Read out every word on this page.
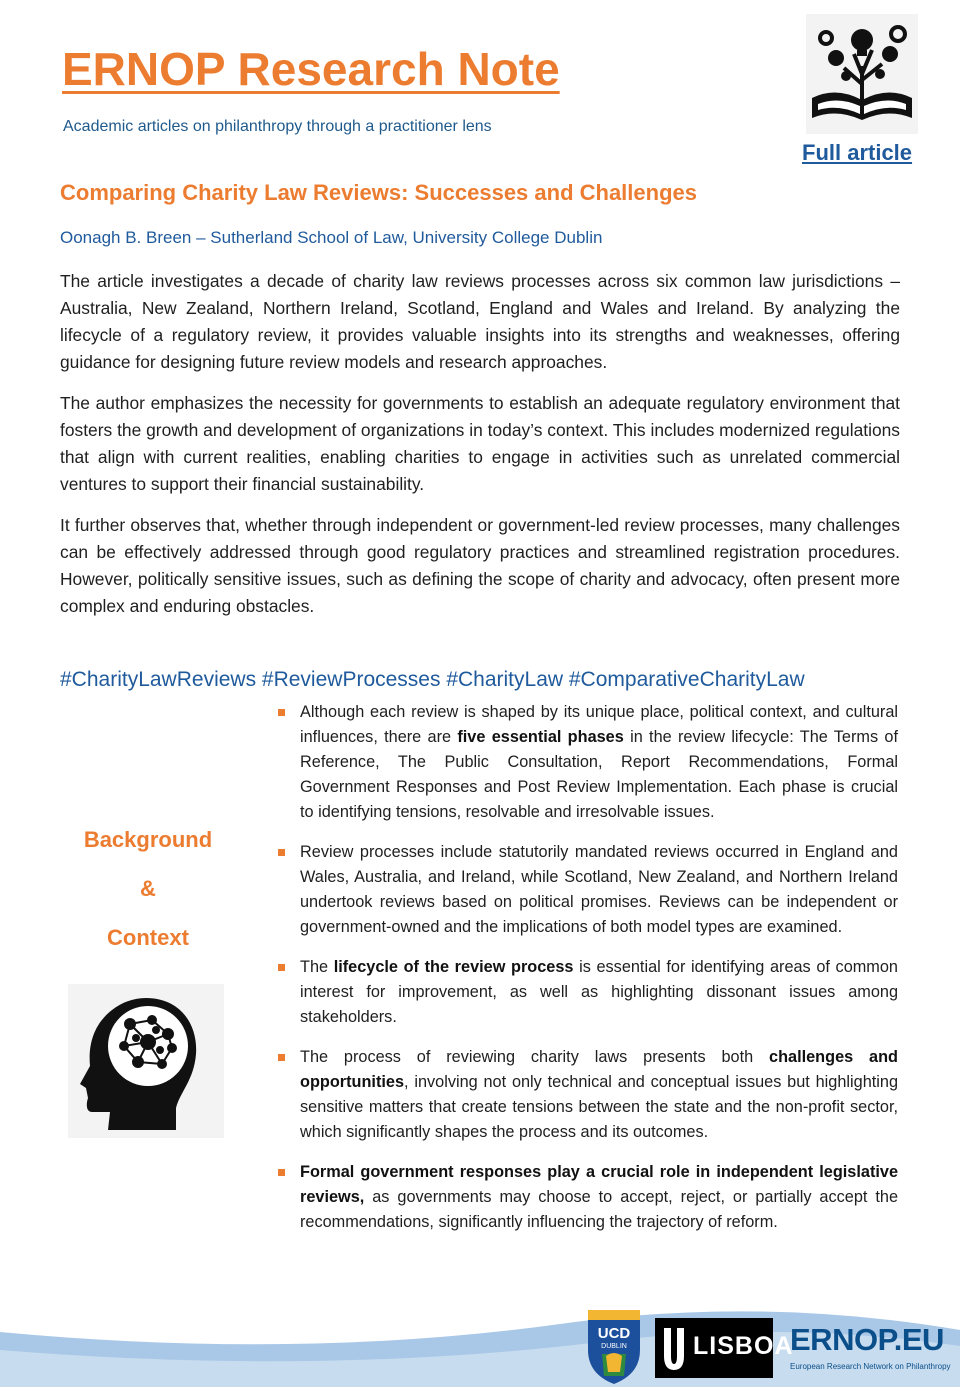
ERNOP Research Note
Academic articles on philanthropy through a practitioner lens
Full article
Comparing Charity Law Reviews: Successes and Challenges
Oonagh B. Breen – Sutherland School of Law, University College Dublin

The article investigates a decade of charity law reviews processes across six common law jurisdictions – Australia, New Zealand, Northern Ireland, Scotland, England and Wales and Ireland. By analyzing the lifecycle of a regulatory review, it provides valuable insights into its strengths and weaknesses, offering guidance for designing future review models and research approaches.

The author emphasizes the necessity for governments to establish an adequate regulatory environment that fosters the growth and development of organizations in today’s context. This includes modernized regulations that align with current realities, enabling charities to engage in activities such as unrelated commercial ventures to support their financial sustainability.

It further observes that, whether through independent or government-led review processes, many challenges can be effectively addressed through good regulatory practices and streamlined registration procedures. However, politically sensitive issues, such as defining the scope of charity and advocacy, often present more complex and enduring obstacles.

#CharityLawReviews #ReviewProcesses #CharityLaw #ComparativeCharityLaw
Background
&
Context
Although each review is shaped by its unique place, political context, and cultural influences, there are five essential phases in the review lifecycle: The Terms of Reference, The Public Consultation, Report Recommendations, Formal Government Responses and Post Review Implementation. Each phase is crucial to identifying tensions, resolvable and irresolvable issues.
Review processes include statutorily mandated reviews occurred in England and Wales, Australia, and Ireland, while Scotland, New Zealand, and Northern Ireland undertook reviews based on political promises. Reviews can be independent or government-owned and the implications of both model types are examined.
The lifecycle of the review process is essential for identifying areas of common interest for improvement, as well as highlighting dissonant issues among stakeholders.
The process of reviewing charity laws presents both challenges and opportunities, involving not only technical and conceptual issues but highlighting sensitive matters that create tensions between the state and the non-profit sector, which significantly shapes the process and its outcomes.
Formal government responses play a crucial role in independent legislative reviews, as governments may choose to accept, reject, or partially accept the recommendations, significantly influencing the trajectory of reform.
UCD
DUBLIN	LISBOA
ERNOP.EU
European Research Network on Philanthropy
